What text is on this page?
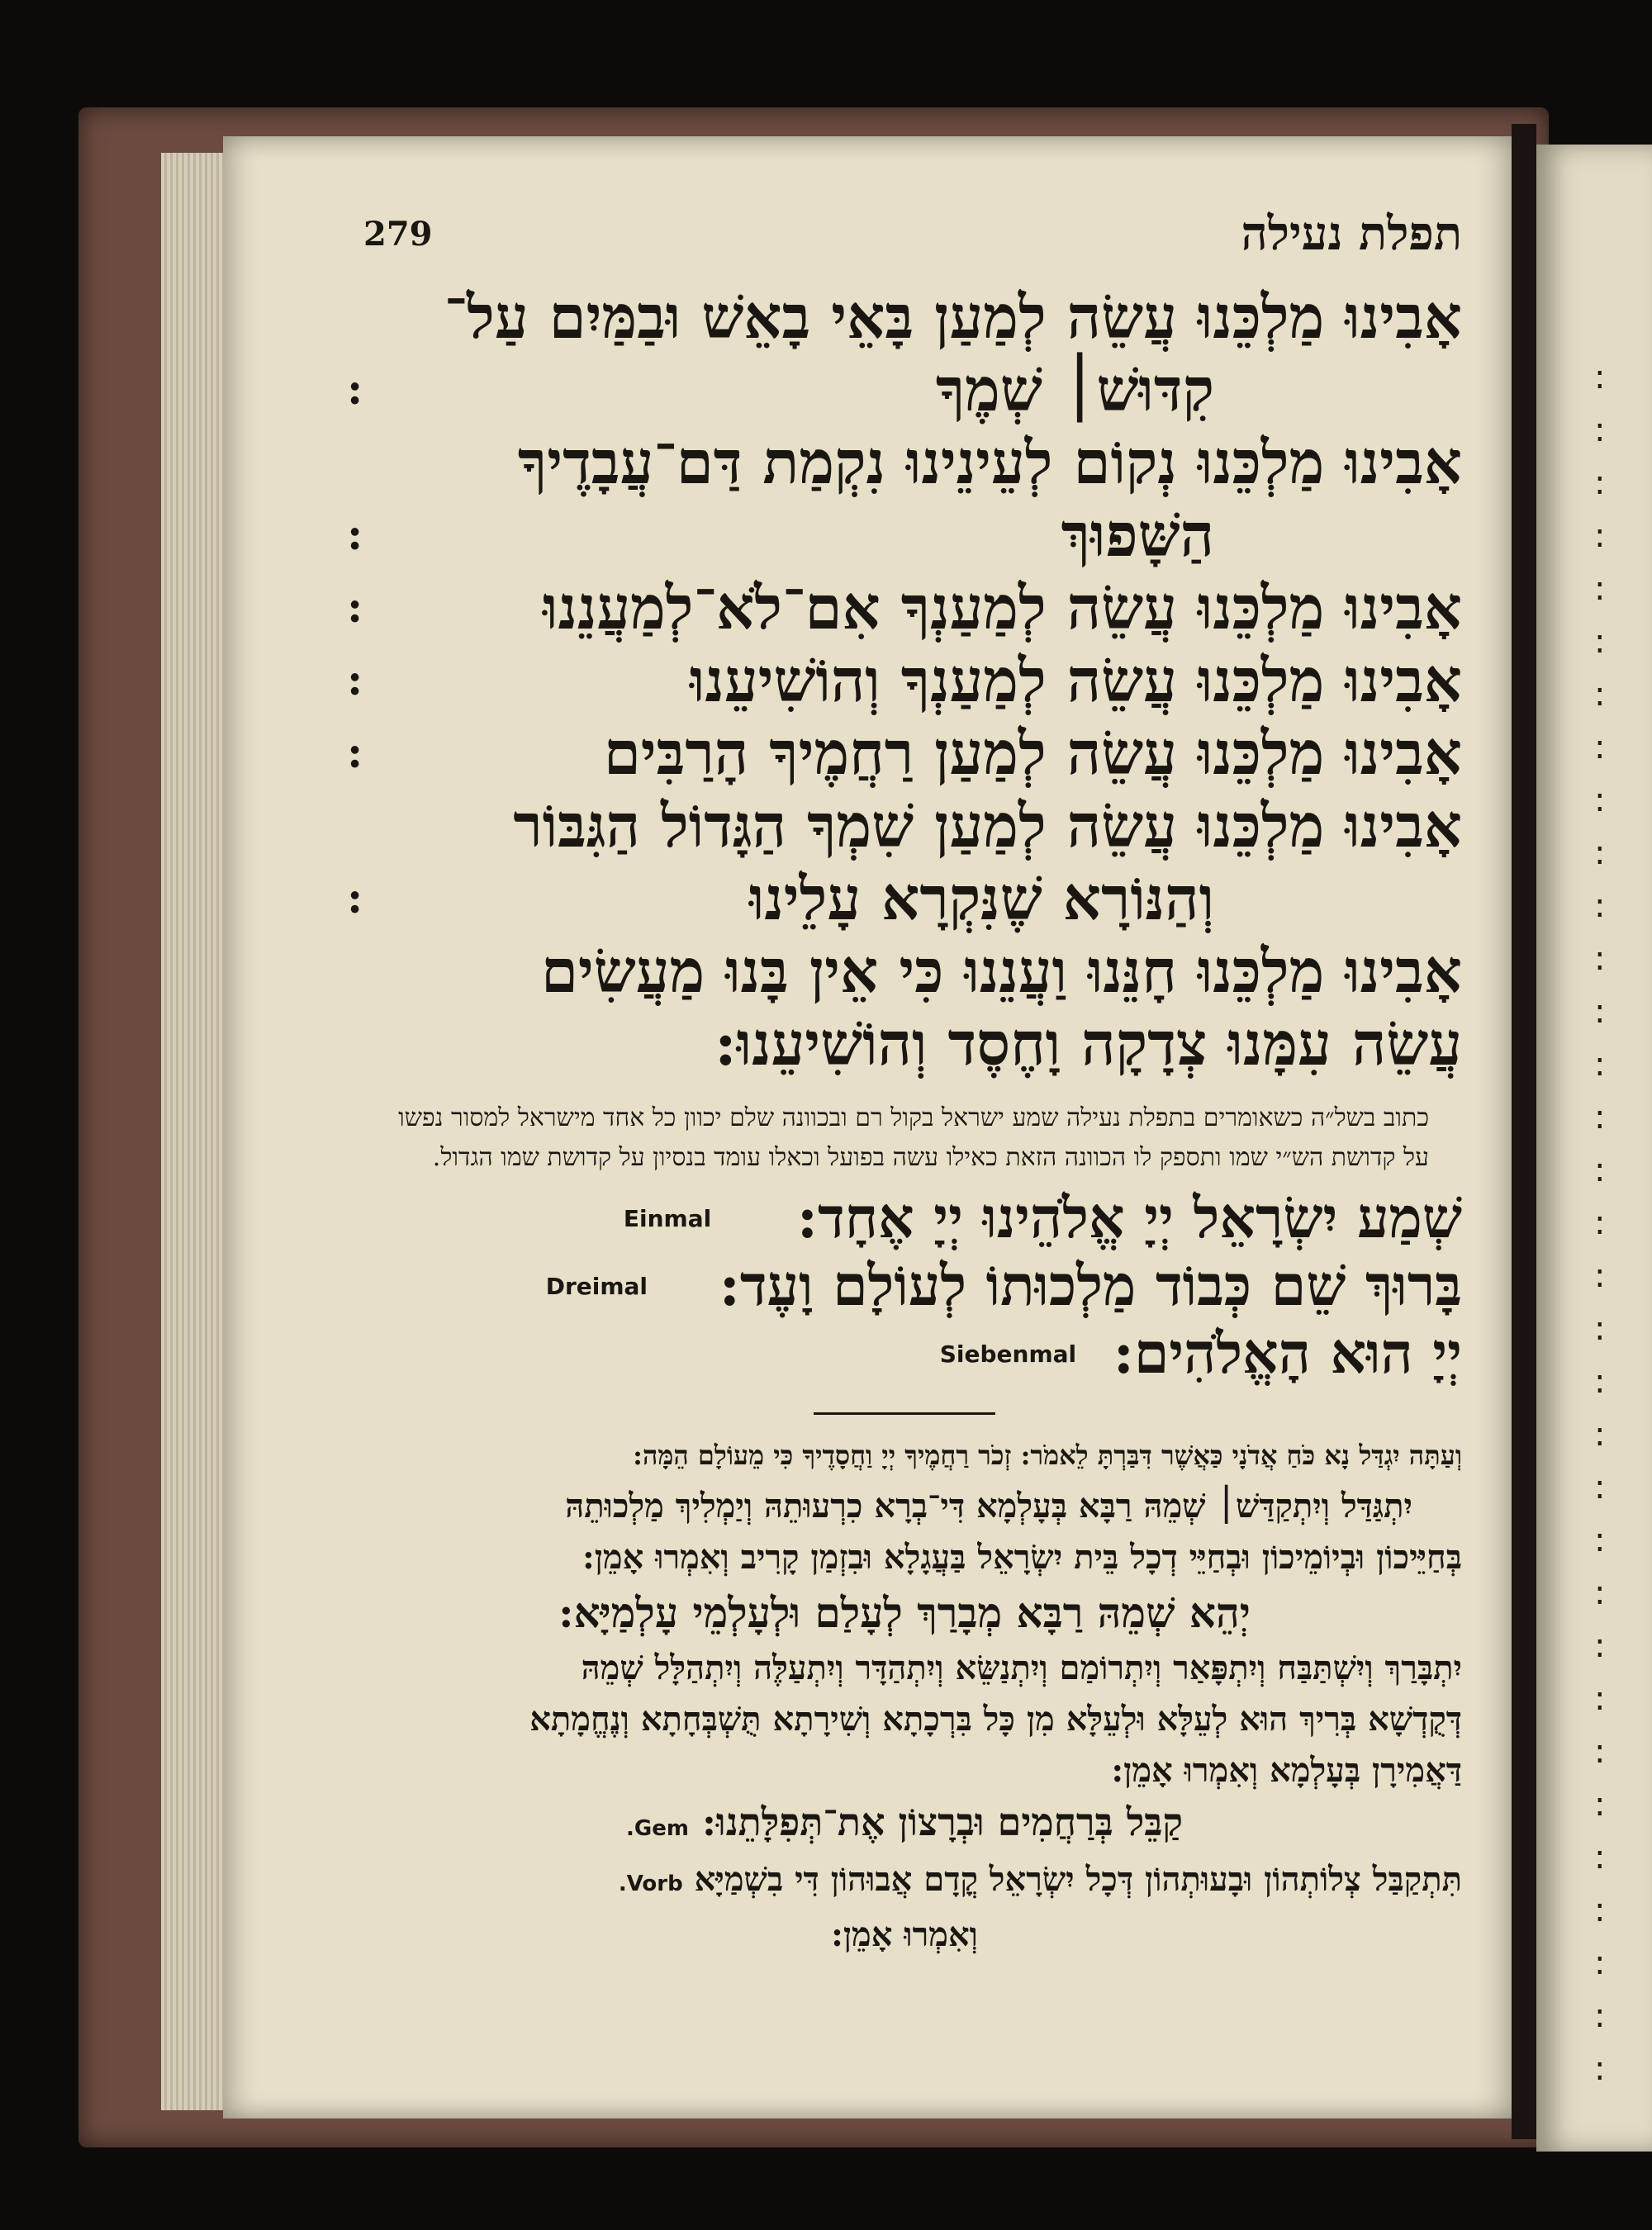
:
:
:
:
:
:
:
:
:
:
:
:
:
:
:
:
:
:
:
:
:
:
:
:
:
:
:
:
:
:
:
:
:
279	תפלת נעילה
אָבִינוּ מַלְכֵּנוּ עֲשֵׂה לְמַעַן בָּאֵי בָאֵשׁ וּבַמַּיִם עַל־
קִדּוּשׁ׀ שְׁמֶךָ
:
אָבִינוּ מַלְכֵּנוּ נְקוֹם לְעֵינֵינוּ נִקְמַת דַּם־עֲבָדֶיךָ
הַשָּׁפוּךְ
:
אָבִינוּ מַלְכֵּנוּ עֲשֵׂה לְמַעַנְךָ אִם־לֹא־לְמַעֲנֵנוּ
:
אָבִינוּ מַלְכֵּנוּ עֲשֵׂה לְמַעַנְךָ וְהוֹשִׁיעֵנוּ
:
אָבִינוּ מַלְכֵּנוּ עֲשֵׂה לְמַעַן רַחֲמֶיךָ הָרַבִּים
:
אָבִינוּ מַלְכֵּנוּ עֲשֵׂה לְמַעַן שִׁמְךָ הַגָּדוֹל הַגִּבּוֹר
וְהַנּוֹרָא שֶׁנִּקְרָא עָלֵינוּ
:
אָבִינוּ מַלְכֵּנוּ חָנֵּנוּ וַעֲנֵנוּ כִּי אֵין בָּנוּ מַעֲשִׂים
עֲשֵׂה עִמָּנוּ צְדָקָה וָחֶסֶד וְהוֹשִׁיעֵנוּ:
כתוב בשל״ה כשאומרים בתפלת נעילה שמע ישראל בקול רם ובכוונה שלם יכוון כל אחד מישראל למסור נפשו על קדושת הש״י שמו ותספק לו הכוונה הזאת כאילו עשה בפועל וכאלו עומד בנסיון על קדושת שמו הגדול.
שְׁמַע יִשְׂרָאֵל יְיָ אֱלֹהֵינוּ יְיָ אֶחָד:
Einmal
בָּרוּךְ שֵׁם כְּבוֹד מַלְכוּתוֹ לְעוֹלָם וָעֶד:
Dreimal
יְיָ הוּא הָאֱלֹהִים:
Siebenmal
וְעַתָּה יִגְדַּל נָא כֹּחַ אֲדֹנָי כַּאֲשֶׁר דִּבַּרְתָּ לֵאמֹר: זְכֹר רַחֲמֶיךָ יְיָ וַחֲסָדֶיךָ כִּי מֵעוֹלָם הֵמָּה:
יִתְגַּדַּל וְיִתְקַדַּשׁ׀ שְׁמֵהּ רַבָּא בְּעָלְמָא דִּי־בְרָא כִרְעוּתֵהּ וְיַמְלִיךְ מַלְכוּתֵהּ
בְּחַיֵּיכוֹן וּבְיוֹמֵיכוֹן וּבְחַיֵּי דְכָל בֵּית יִשְׂרָאֵל בַּעֲגָלָא וּבִזְמַן קָרִיב וְאִמְרוּ אָמֵן:
יְהֵא שְׁמֵהּ רַבָּא מְבָרַךְ לְעָלַם וּלְעָלְמֵי עָלְמַיָּא:
יִתְבָּרַךְ וְיִשְׁתַּבַּח וְיִתְפָּאַר וְיִתְרוֹמַם וְיִתְנַשֵּׂא וְיִתְהַדָּר וְיִתְעַלֶּה וְיִתְהַלָּל שְׁמֵהּ
דְּקֻדְשָׁא בְּרִיךְ הוּא לְעֵלָּא וּלְעֵלָּא מִן כָּל בִּרְכָתָא וְשִׁירָתָא תֻּשְׁבְּחָתָא וְנֶחֱמָתָא
דַּאֲמִירָן בְּעָלְמָא וְאִמְרוּ אָמֵן:
קַבֵּל בְּרַחֲמִים וּבְרָצוֹן אֶת־תְּפִלָּתֵנוּ: Gem.
תִּתְקַבַּל צְלוֹתְהוֹן וּבָעוּתְהוֹן דְּכָל יִשְׂרָאֵל קֳדָם אֲבוּהוֹן דִּי בִשְׁמַיָּא Vorb.
וְאִמְרוּ אָמֵן:
